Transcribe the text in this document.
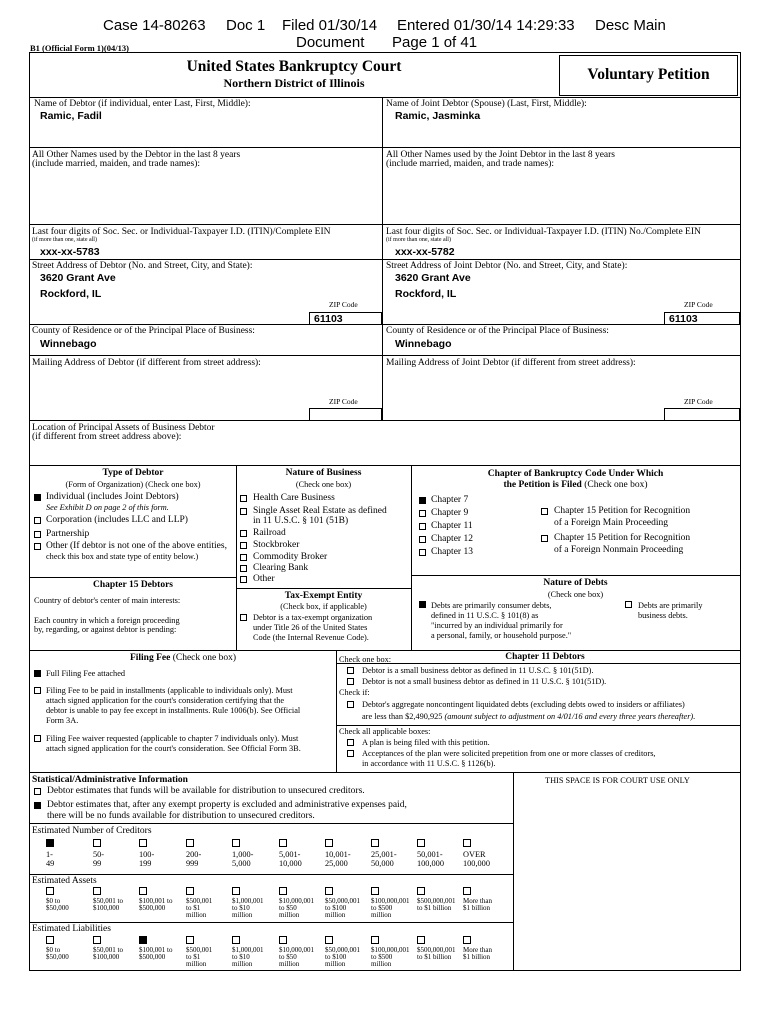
Case 14-80263 Doc 1 Filed 01/30/14 Entered 01/30/14 14:29:33 Desc Main
Document Page 1 of 41
B1 (Official Form 1)(04/13)
Voluntary Petition
United States Bankruptcy Court
Northern District of Illinois
Name of Debtor (if individual, enter Last, First, Middle):
Ramic, Fadil
Name of Joint Debtor (Spouse) (Last, First, Middle):
Ramic, Jasminka
All Other Names used by the Debtor in the last 8 years
(include married, maiden, and trade names):
All Other Names used by the Joint Debtor in the last 8 years
(include married, maiden, and trade names):
Last four digits of Soc. Sec. or Individual-Taxpayer I.D. (ITIN)/Complete EIN
(if more than one, state all)
xxx-xx-5783
Last four digits of Soc. Sec. or Individual-Taxpayer I.D. (ITIN) No./Complete EIN
(if more than one, state all)
xxx-xx-5782
Street Address of Debtor (No. and Street, City, and State):
3620 Grant Ave
Rockford, IL
ZIP Code
61103
Street Address of Joint Debtor (No. and Street, City, and State):
3620 Grant Ave
Rockford, IL
ZIP Code
61103
County of Residence or of the Principal Place of Business:
Winnebago
County of Residence or of the Principal Place of Business:
Winnebago
Mailing Address of Debtor (if different from street address):
ZIP Code
Mailing Address of Joint Debtor (if different from street address):
ZIP Code
Location of Principal Assets of Business Debtor
(if different from street address above):
Type of Debtor
(Form of Organization) (Check one box)
Individual (includes Joint Debtors)
See Exhibit D on page 2 of this form.
Corporation (includes LLC and LLP)
Partnership
Other (If debtor is not one of the above entities,
check this box and state type of entity below.)
Nature of Business
(Check one box)
Health Care Business
Single Asset Real Estate as defined
in 11 U.S.C. § 101 (51B)
Railroad
Stockbroker
Commodity Broker
Clearing Bank
Other
Chapter of Bankruptcy Code Under Which
the Petition is Filed (Check one box)
Chapter 7
Chapter 9
Chapter 11
Chapter 12
Chapter 13
Chapter 15 Petition for Recognition
of a Foreign Main Proceeding
Chapter 15 Petition for Recognition
of a Foreign Nonmain Proceeding
Chapter 15 Debtors
Country of debtor's center of main interests:
Each country in which a foreign proceeding
by, regarding, or against debtor is pending:
Tax-Exempt Entity
(Check box, if applicable)
Debtor is a tax-exempt organization
under Title 26 of the United States
Code (the Internal Revenue Code).
Nature of Debts
(Check one box)
Debts are primarily consumer debts,
defined in 11 U.S.C. § 101(8) as
"incurred by an individual primarily for
a personal, family, or household purpose."
Debts are primarily
business debts.
Filing Fee (Check one box)
Full Filing Fee attached
Filing Fee to be paid in installments (applicable to individuals only). Must
attach signed application for the court's consideration certifying that the
debtor is unable to pay fee except in installments. Rule 1006(b). See Official
Form 3A.
Filing Fee waiver requested (applicable to chapter 7 individuals only). Must
attach signed application for the court's consideration. See Official Form 3B.
Check one box:	Chapter 11 Debtors
Debtor is a small business debtor as defined in 11 U.S.C. § 101(51D).
Debtor is not a small business debtor as defined in 11 U.S.C. § 101(51D).
Check if:
Debtor's aggregate noncontingent liquidated debts (excluding debts owed to insiders or affiliates)
are less than $2,490,925 (amount subject to adjustment on 4/01/16 and every three years thereafter).
Check all applicable boxes:
A plan is being filed with this petition.
Acceptances of the plan were solicited prepetition from one or more classes of creditors,
in accordance with 11 U.S.C. § 1126(b).
Statistical/Administrative Information	THIS SPACE IS FOR COURT USE ONLY
Debtor estimates that funds will be available for distribution to unsecured creditors.
Debtor estimates that, after any exempt property is excluded and administrative expenses paid,
there will be no funds available for distribution to unsecured creditors.
Estimated Number of Creditors
1-
49
50-
99
100-
199
200-
999
1,000-
5,000
5,001-
10,000
10,001-
25,000
25,001-
50,000
50,001-
100,000
OVER
100,000
Estimated Assets
$0 to
$50,000
$50,001 to
$100,000
$100,001 to
$500,000
$500,001
to $1
million
$1,000,001
to $10
million
$10,000,001
to $50
million
$50,000,001
to $100
million
$100,000,001
to $500
million
$500,000,001
to $1 billion
More than
$1 billion
Estimated Liabilities
$0 to
$50,000
$50,001 to
$100,000
$100,001 to
$500,000
$500,001
to $1
million
$1,000,001
to $10
million
$10,000,001
to $50
million
$50,000,001
to $100
million
$100,000,001
to $500
million
$500,000,001
to $1 billion
More than
$1 billion
